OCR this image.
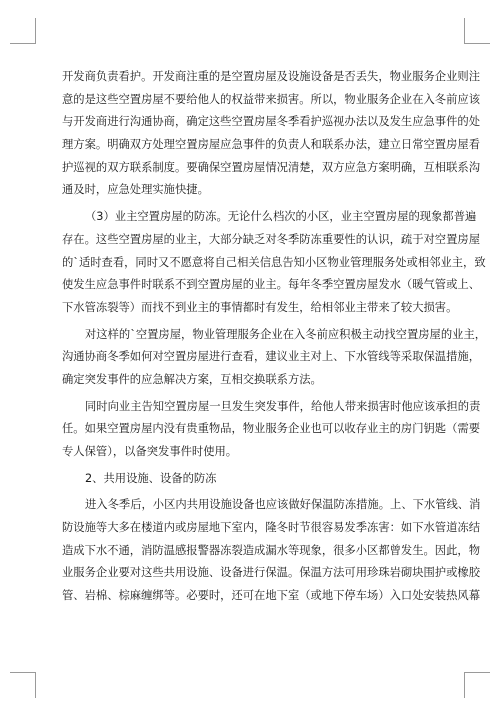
开发商负责看护。开发商注重的是空置房屋及设施设备是否丢失，物业服务企业则注
意的是这些空置房屋不要给他人的权益带来损害。所以，物业服务企业在入冬前应该
与开发商进行沟通协商，确定这些空置房屋冬季看护巡视办法以及发生应急事件的处
理方案。明确双方处理空置房屋应急事件的负责人和联系办法，建立日常空置房屋看
护巡视的双方联系制度。要确保空置房屋情况清楚，双方应急方案明确，互相联系沟
通及时，应急处理实施快捷。
（3）业主空置房屋的防冻。无论什么档次的小区，业主空置房屋的现象都普遍
存在。这些空置房屋的业主，大部分缺乏对冬季防冻重要性的认识，疏于对空置房屋
的`适时查看，同时又不愿意将自己相关信息告知小区物业管理服务处或相邻业主，致
使发生应急事件时联系不到空置房屋的业主。每年冬季空置房屋发水（暖气管或上、
下水管冻裂等）而找不到业主的事情都时有发生，给相邻业主带来了较大损害。
对这样的`空置房屋，物业管理服务企业在入冬前应积极主动找空置房屋的业主，
沟通协商冬季如何对空置房屋进行查看，建议业主对上、下水管线等采取保温措施，
确定突发事件的应急解决方案，互相交换联系方法。
同时向业主告知空置房屋一旦发生突发事件，给他人带来损害时他应该承担的责
任。如果空置房屋内没有贵重物品，物业服务企业也可以收存业主的房门钥匙（需要
专人保管），以备突发事件时使用。
2、共用设施、设备的防冻
进入冬季后，小区内共用设施设备也应该做好保温防冻措施。上、下水管线、消
防设施等大多在楼道内或房屋地下室内，隆冬时节很容易发季冻害：如下水管道冻结
造成下水不通，消防温感报警器冻裂造成漏水等现象，很多小区都曾发生。因此，物
业服务企业要对这些共用设施、设备进行保温。保温方法可用珍珠岩砌块围护或橡胶
管、岩棉、棕麻缠绑等。必要时，还可在地下室（或地下停车场）入口处安装热风幕
